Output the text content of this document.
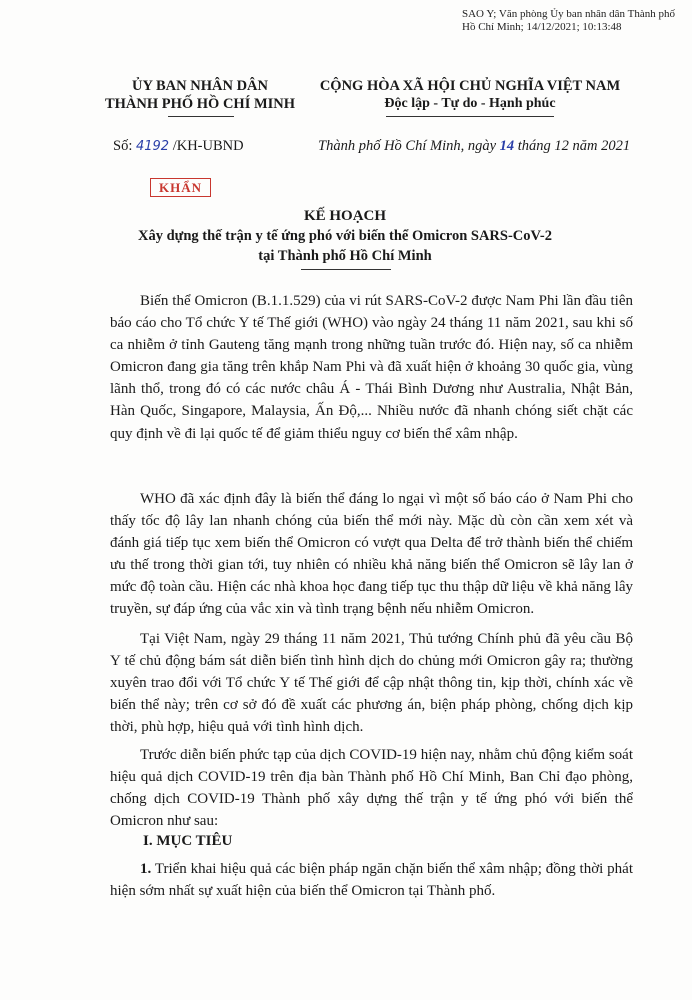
SAO Y; Văn phòng Ủy ban nhân dân Thành phố Hồ Chí Minh; 14/12/2021; 10:13:48
ỦY BAN NHÂN DÂN
THÀNH PHỐ HỒ CHÍ MINH
CỘNG HÒA XÃ HỘI CHỦ NGHĨA VIỆT NAM
Độc lập - Tự do - Hạnh phúc
Số: 4192 /KH-UBND	Thành phố Hồ Chí Minh, ngày 14 tháng 12 năm 2021
KHẨN
KẾ HOẠCH
Xây dựng thế trận y tế ứng phó với biến thể Omicron SARS-CoV-2
tại Thành phố Hồ Chí Minh

Biến thể Omicron (B.1.1.529) của vi rút SARS-CoV-2 được Nam Phi lần đầu tiên báo cáo cho Tổ chức Y tế Thế giới (WHO) vào ngày 24 tháng 11 năm 2021, sau khi số ca nhiễm ở tỉnh Gauteng tăng mạnh trong những tuần trước đó. Hiện nay, số ca nhiễm Omicron đang gia tăng trên khắp Nam Phi và đã xuất hiện ở khoảng 30 quốc gia, vùng lãnh thổ, trong đó có các nước châu Á - Thái Bình Dương như Australia, Nhật Bản, Hàn Quốc, Singapore, Malaysia, Ấn Độ,... Nhiều nước đã nhanh chóng siết chặt các quy định về đi lại quốc tế để giảm thiểu nguy cơ biến thể xâm nhập.

WHO đã xác định đây là biến thể đáng lo ngại vì một số báo cáo ở Nam Phi cho thấy tốc độ lây lan nhanh chóng của biến thể mới này. Mặc dù còn cần xem xét và đánh giá tiếp tục xem biến thể Omicron có vượt qua Delta để trở thành biến thể chiếm ưu thế trong thời gian tới, tuy nhiên có nhiều khả năng biến thể Omicron sẽ lây lan ở mức độ toàn cầu. Hiện các nhà khoa học đang tiếp tục thu thập dữ liệu về khả năng lây truyền, sự đáp ứng của vắc xin và tình trạng bệnh nếu nhiễm Omicron.

Tại Việt Nam, ngày 29 tháng 11 năm 2021, Thủ tướng Chính phủ đã yêu cầu Bộ Y tế chủ động bám sát diễn biến tình hình dịch do chủng mới Omicron gây ra; thường xuyên trao đổi với Tổ chức Y tế Thế giới để cập nhật thông tin, kịp thời, chính xác về biến thể này; trên cơ sở đó đề xuất các phương án, biện pháp phòng, chống dịch kịp thời, phù hợp, hiệu quả với tình hình dịch.

Trước diễn biến phức tạp của dịch COVID-19 hiện nay, nhằm chủ động kiểm soát hiệu quả dịch COVID-19 trên địa bàn Thành phố Hồ Chí Minh, Ban Chỉ đạo phòng, chống dịch COVID-19 Thành phố xây dựng thế trận y tế ứng phó với biến thể Omicron như sau:

I. MỤC TIÊU

1. Triển khai hiệu quả các biện pháp ngăn chặn biến thể xâm nhập; đồng thời phát hiện sớm nhất sự xuất hiện của biến thể Omicron tại Thành phố.
